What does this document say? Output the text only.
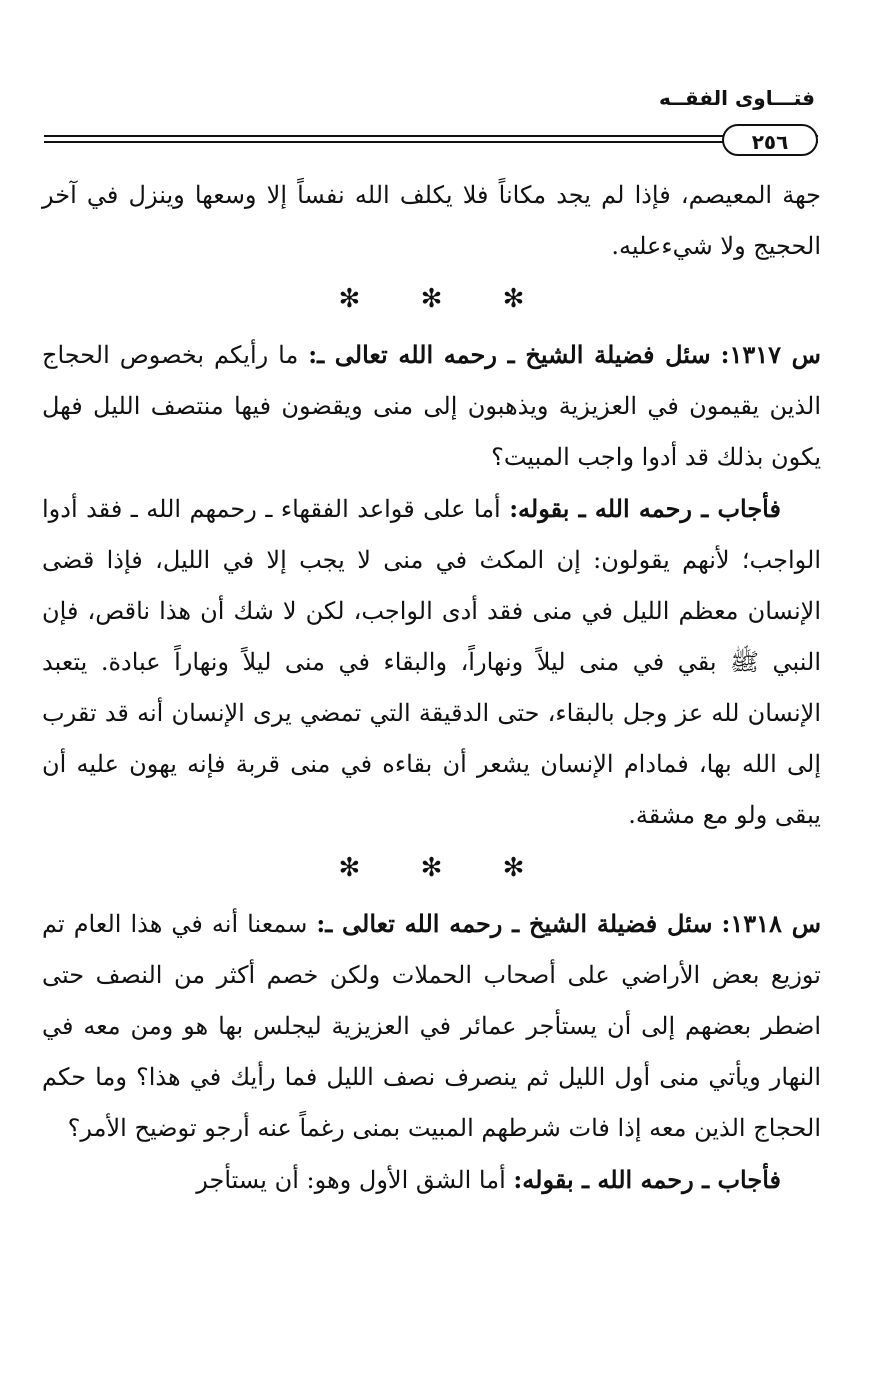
فتـــاوى الفقــه
٢٥٦

جهة المعيصم، فإذا لم يجد مكاناً فلا يكلف الله نفساً إلا وسعها وينزل في آخر الحجيج ولا شيءعليه.

✻ ✻ ✻

س ١٣١٧: سئل فضيلة الشيخ ـ رحمه الله تعالى ـ: ما رأيكم بخصوص الحجاج الذين يقيمون في العزيزية ويذهبون إلى منى ويقضون فيها منتصف الليل فهل يكون بذلك قد أدوا واجب المبيت؟

فأجاب ـ رحمه الله ـ بقوله: أما على قواعد الفقهاء ـ رحمهم الله ـ فقد أدوا الواجب؛ لأنهم يقولون: إن المكث في منى لا يجب إلا في الليل، فإذا قضى الإنسان معظم الليل في منى فقد أدى الواجب، لكن لا شك أن هذا ناقص، فإن النبي ﷺ بقي في منى ليلاً ونهاراً، والبقاء في منى ليلاً ونهاراً عبادة. يتعبد الإنسان لله عز وجل بالبقاء، حتى الدقيقة التي تمضي يرى الإنسان أنه قد تقرب إلى الله بها، فمادام الإنسان يشعر أن بقاءه في منى قربة فإنه يهون عليه أن يبقى ولو مع مشقة.

✻ ✻ ✻

س ١٣١٨: سئل فضيلة الشيخ ـ رحمه الله تعالى ـ: سمعنا أنه في هذا العام تم توزيع بعض الأراضي على أصحاب الحملات ولكن خصم أكثر من النصف حتى اضطر بعضهم إلى أن يستأجر عمائر في العزيزية ليجلس بها هو ومن معه في النهار ويأتي منى أول الليل ثم ينصرف نصف الليل فما رأيك في هذا؟ وما حكم الحجاج الذين معه إذا فات شرطهم المبيت بمنى رغماً عنه أرجو توضيح الأمر؟

فأجاب ـ رحمه الله ـ بقوله: أما الشق الأول وهو: أن يستأجر
